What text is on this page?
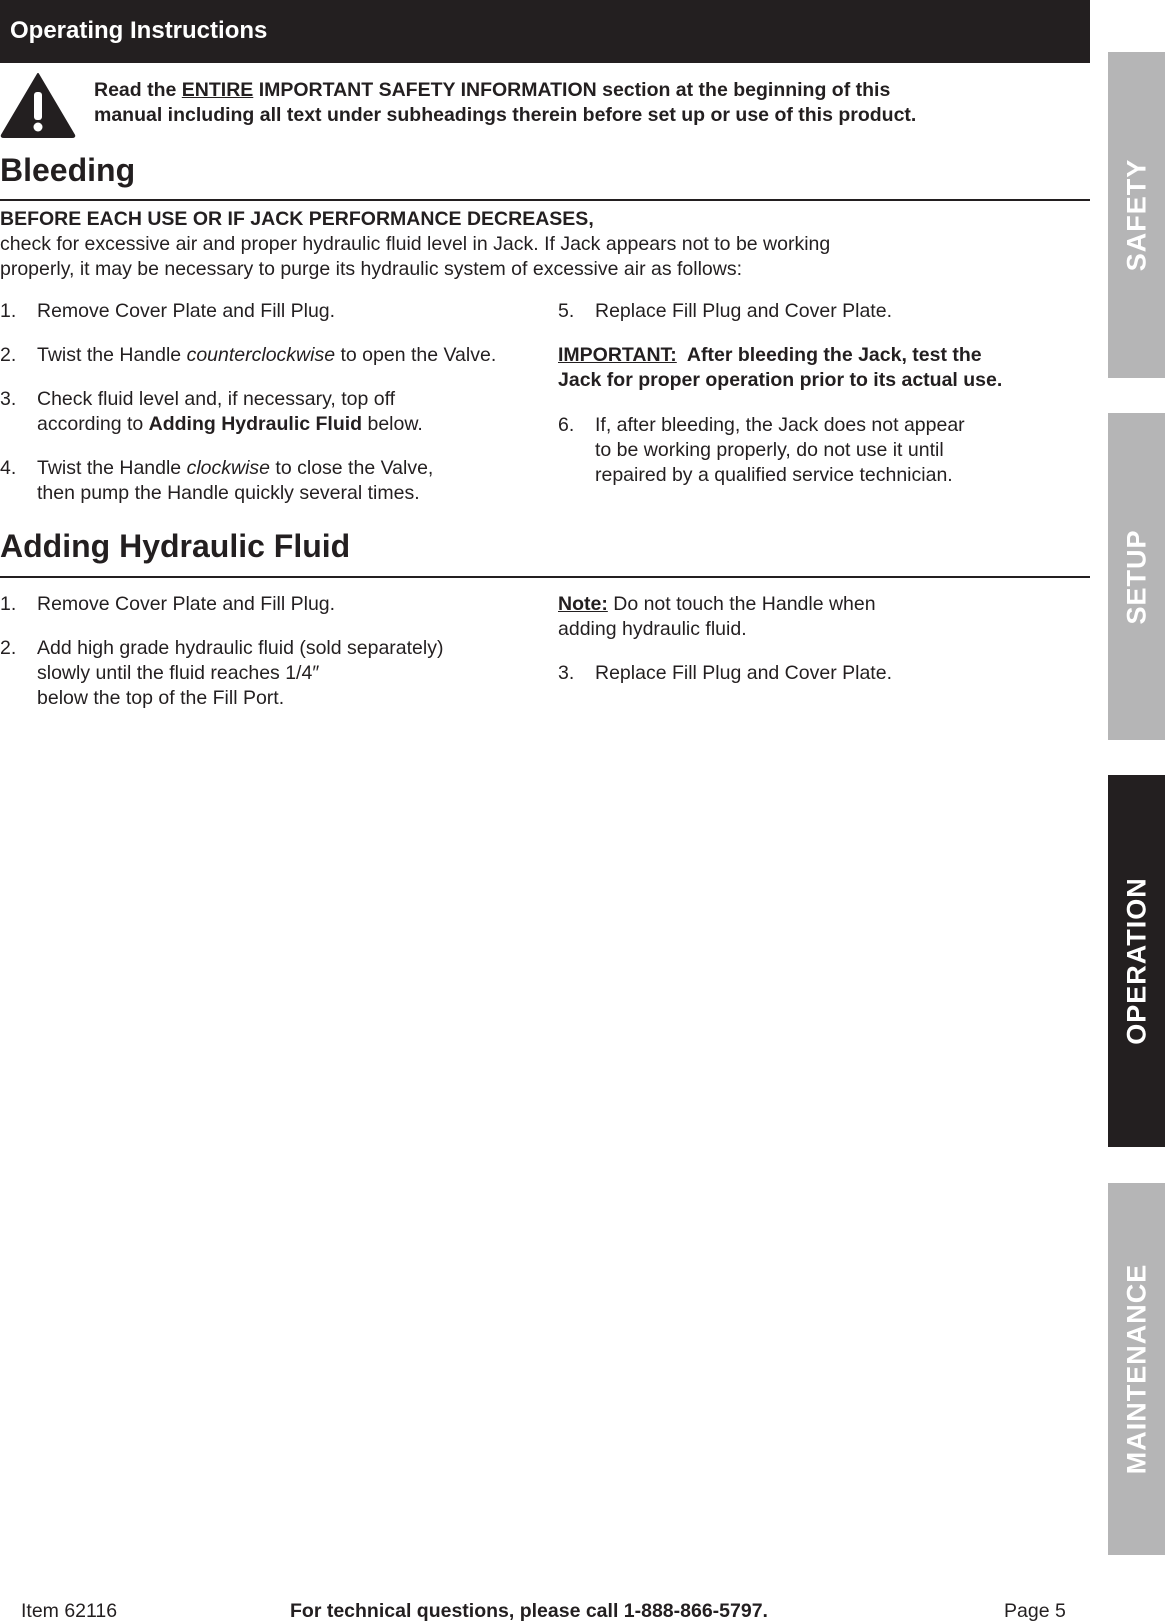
Operating Instructions
Read the ENTIRE IMPORTANT SAFETY INFORMATION section at the beginning of this
manual including all text under subheadings therein before set up or use of this product.
Bleeding
BEFORE EACH USE OR IF JACK PERFORMANCE DECREASES,
check for excessive air and proper hydraulic fluid level in Jack. If Jack appears not to be working
properly, it may be necessary to purge its hydraulic system of excessive air as follows:
1. Remove Cover Plate and Fill Plug.
2. Twist the Handle counterclockwise to open the Valve.
3. Check fluid level and, if necessary, top off
according to Adding Hydraulic Fluid below.
4. Twist the Handle clockwise to close the Valve,
then pump the Handle quickly several times.
5. Replace Fill Plug and Cover Plate.
IMPORTANT:  After bleeding the Jack, test the
Jack for proper operation prior to its actual use.
6. If, after bleeding, the Jack does not appear
to be working properly, do not use it until
repaired by a qualified service technician.
Adding Hydraulic Fluid
1. Remove Cover Plate and Fill Plug.
2. Add high grade hydraulic fluid (sold separately)
slowly until the fluid reaches 1/4″
below the top of the Fill Port.
Note: Do not touch the Handle when
adding hydraulic fluid.
3. Replace Fill Plug and Cover Plate.
SAFETY
SETUP
OPERATION
MAINTENANCE
Item 62116	For technical questions, please call 1-888-866-5797.	Page 5
